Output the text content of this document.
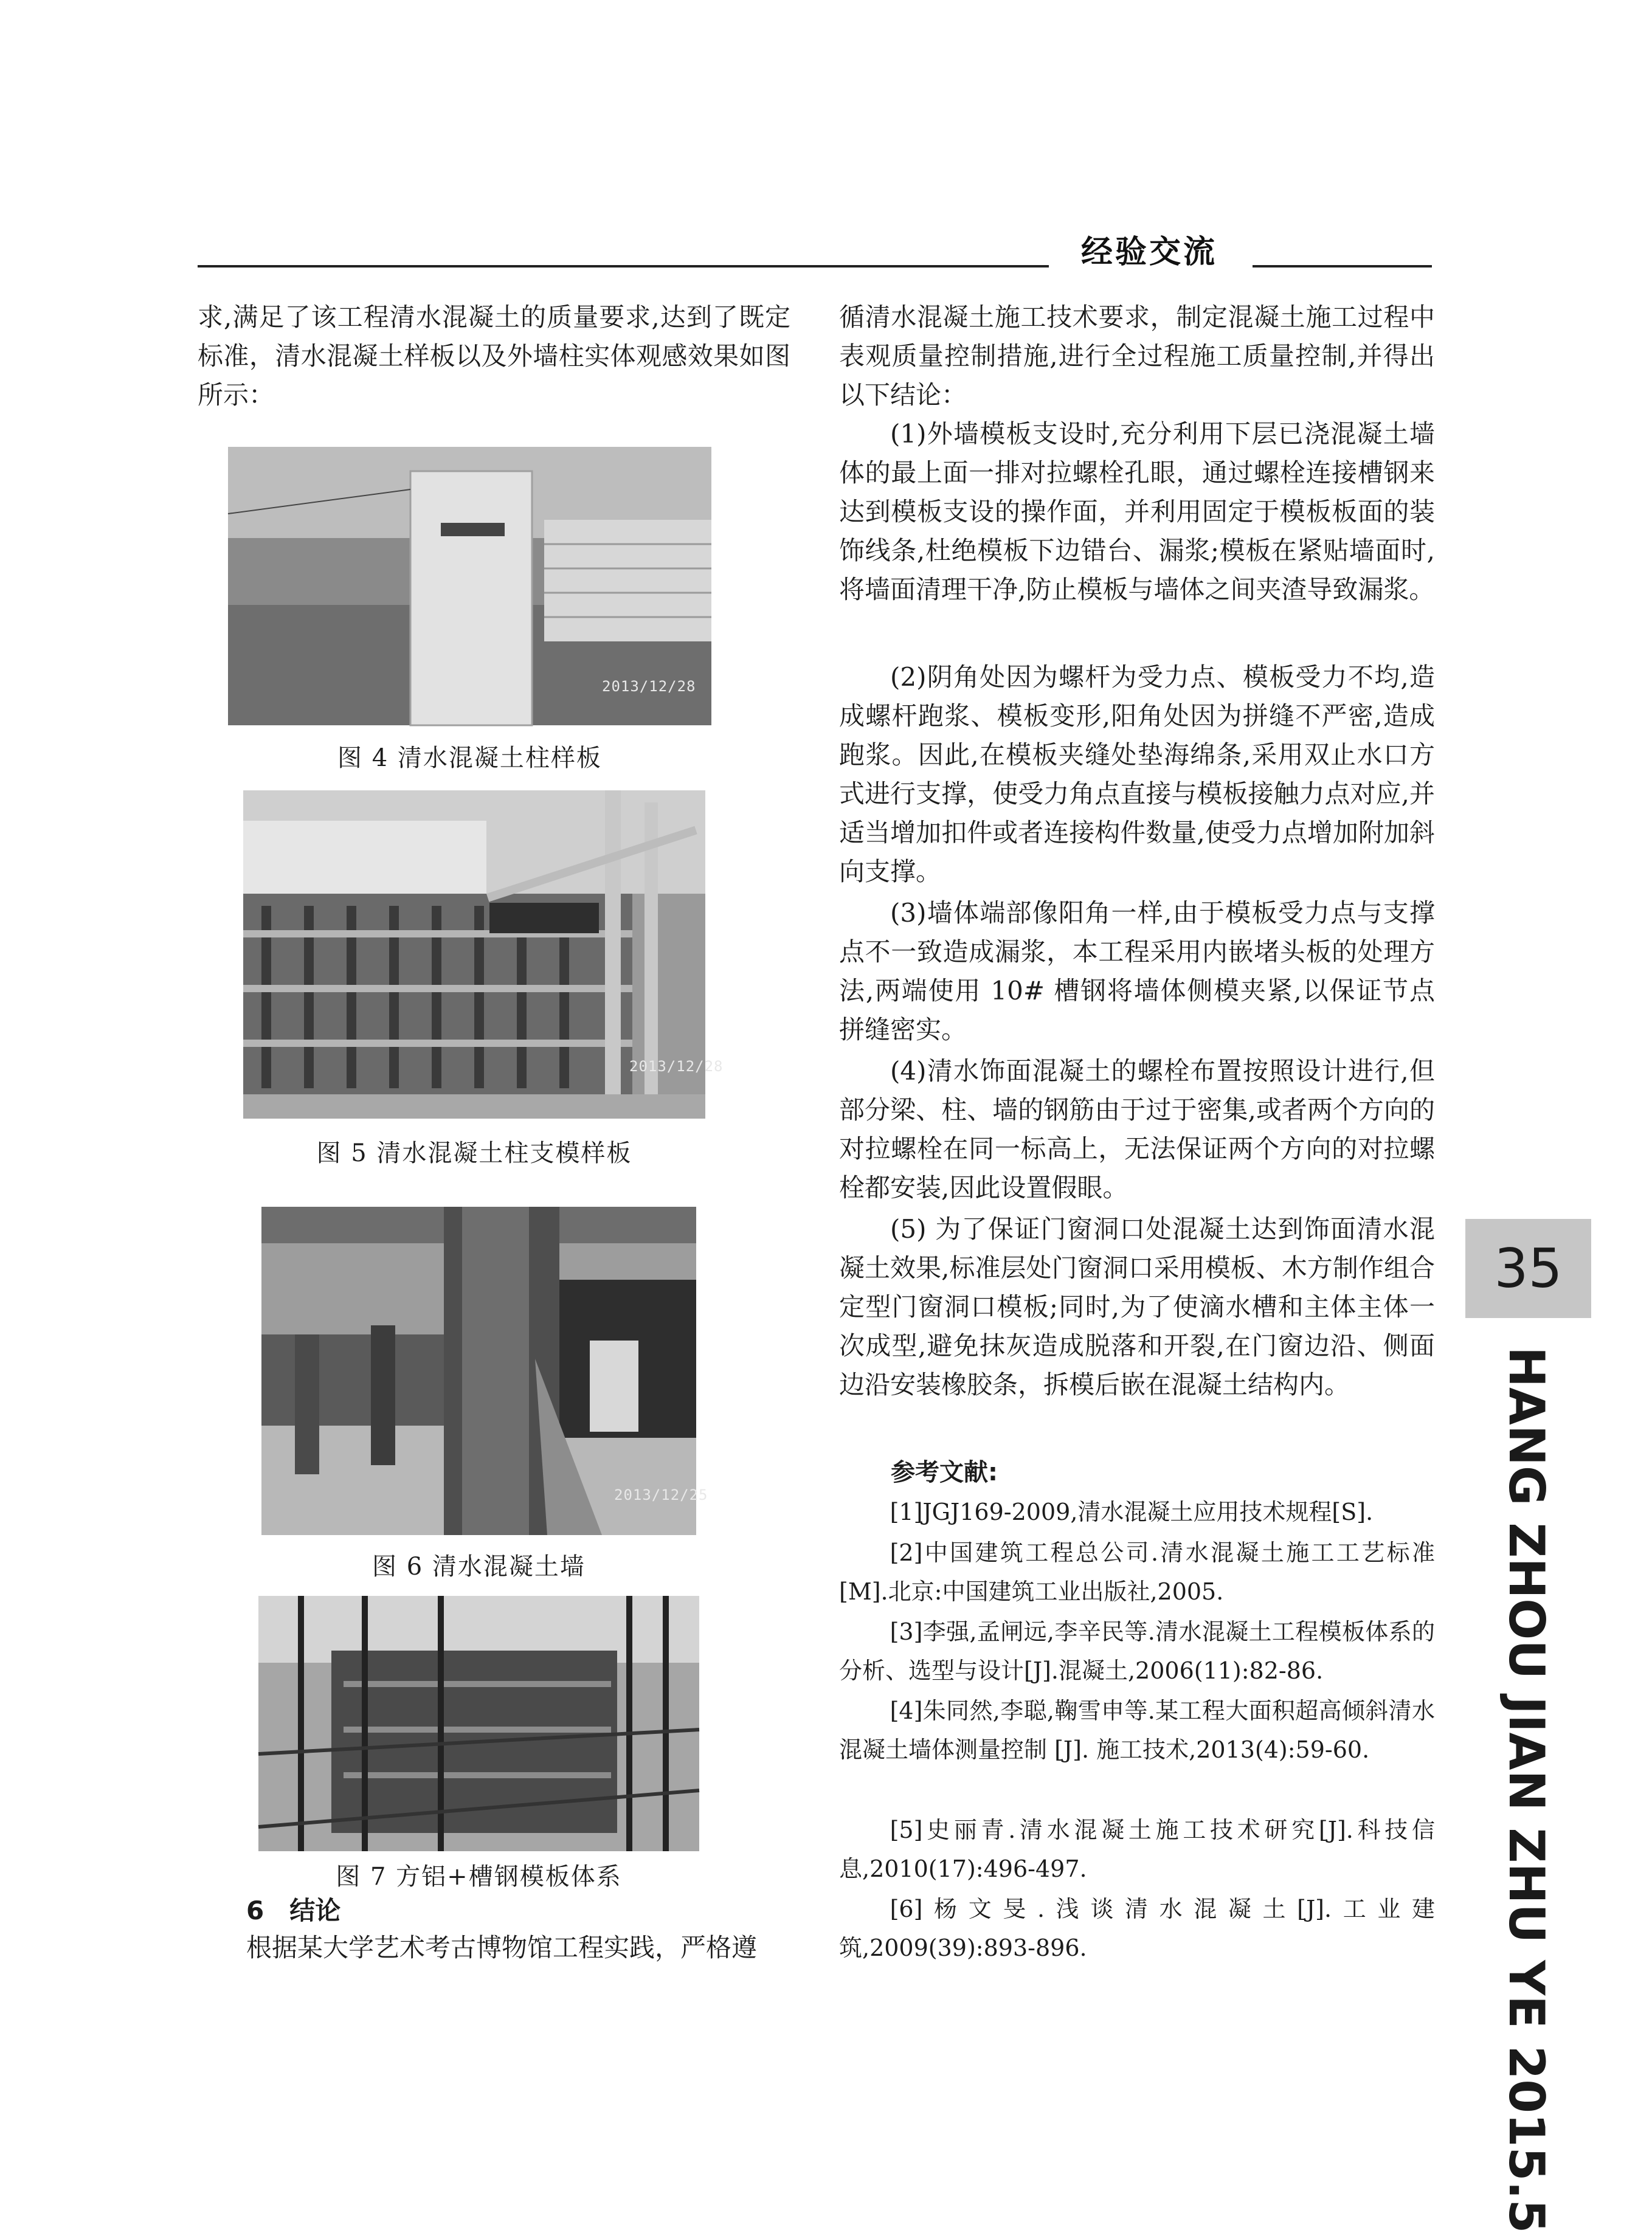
经验交流
求,满足了该工程清水混凝土的质量要求,达到了既定标准，清水混凝土样板以及外墙柱实体观感效果如图所示：
2013/12/28
图 4 清水混凝土柱样板
2013/12/28
图 5 清水混凝土柱支模样板
2013/12/25
图 6 清水混凝土墙
图 7 方铝+槽钢模板体系
6　结论
根据某大学艺术考古博物馆工程实践，严格遵
循清水混凝土施工技术要求，制定混凝土施工过程中表观质量控制措施,进行全过程施工质量控制,并得出以下结论：
(1)外墙模板支设时,充分利用下层已浇混凝土墙体的最上面一排对拉螺栓孔眼，通过螺栓连接槽钢来达到模板支设的操作面，并利用固定于模板板面的装饰线条,杜绝模板下边错台、漏浆;模板在紧贴墙面时,将墙面清理干净,防止模板与墙体之间夹渣导致漏浆。
(2)阴角处因为螺杆为受力点、模板受力不均,造成螺杆跑浆、模板变形,阳角处因为拼缝不严密,造成跑浆。因此,在模板夹缝处垫海绵条,采用双止水口方式进行支撑，使受力角点直接与模板接触力点对应,并适当增加扣件或者连接构件数量,使受力点增加附加斜向支撑。
(3)墙体端部像阳角一样,由于模板受力点与支撑点不一致造成漏浆，本工程采用内嵌堵头板的处理方法,两端使用 10# 槽钢将墙体侧模夹紧,以保证节点拼缝密实。
(4)清水饰面混凝土的螺栓布置按照设计进行,但部分梁、柱、墙的钢筋由于过于密集,或者两个方向的对拉螺栓在同一标高上，无法保证两个方向的对拉螺栓都安装,因此设置假眼。
(5) 为了保证门窗洞口处混凝土达到饰面清水混凝土效果,标准层处门窗洞口采用模板、木方制作组合定型门窗洞口模板;同时,为了使滴水槽和主体主体一次成型,避免抹灰造成脱落和开裂,在门窗边沿、侧面边沿安装橡胶条，拆模后嵌在混凝土结构内。
参考文献:
[1]JGJ169-2009,清水混凝土应用技术规程[S].
[2]中国建筑工程总公司.清水混凝土施工工艺标准[M].北京:中国建筑工业出版社,2005.
[3]李强,孟闸远,李辛民等.清水混凝土工程模板体系的分析、选型与设计[J].混凝土,2006(11):82-86.
[4]朱同然,李聪,鞠雪申等.某工程大面积超高倾斜清水混凝土墙体测量控制 [J]. 施工技术,2013(4):59-60.
[5]史丽青.清水混凝土施工技术研究[J].科技信息,2010(17):496-497.
[6]杨文旻.浅谈清水混凝土[J].工业建筑,2009(39):893-896.
35
HANG ZHOU JIAN ZHU YE 2015.5
